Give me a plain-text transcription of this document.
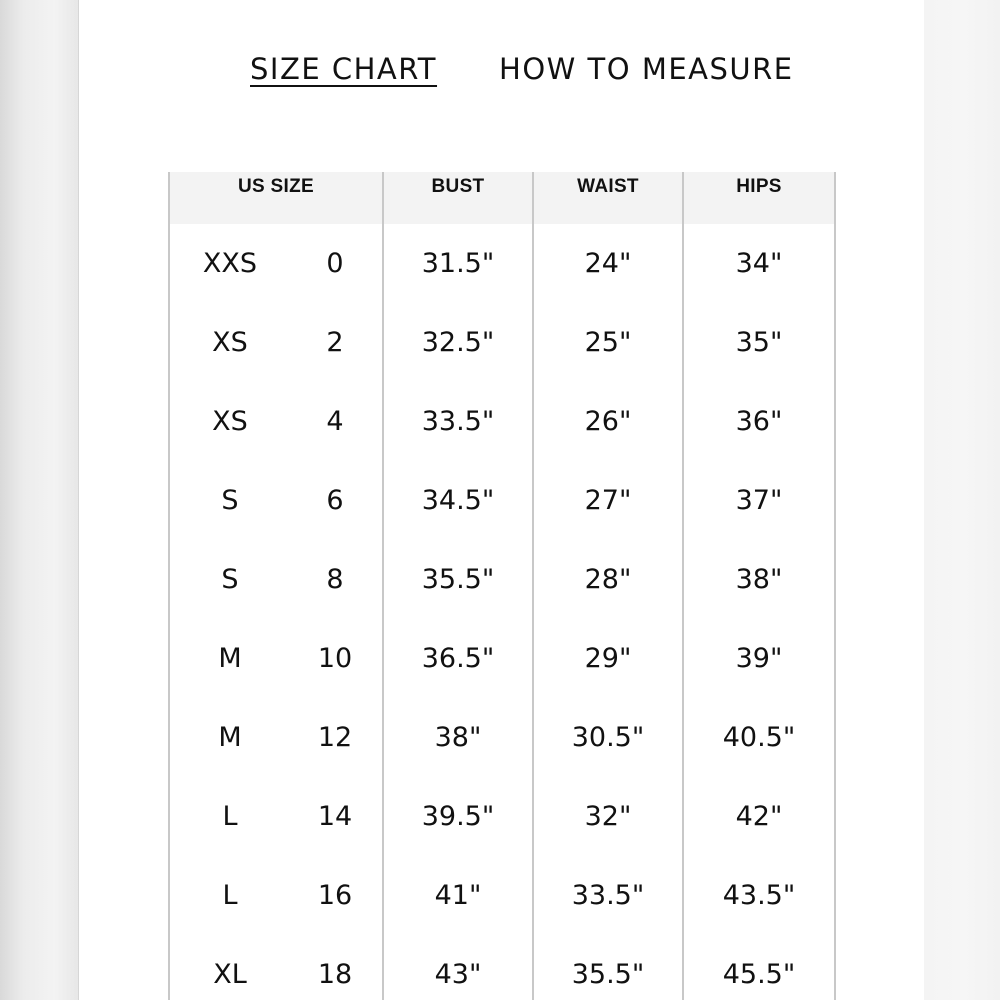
SIZE CHART HOW TO MEASURE
US SIZE	BUST	WAIST	HIPS

XXS 0	31.5"	24"	34"

XS 2	32.5"	25"	35"

XS 4	33.5"	26"	36"

S 6	34.5"	27"	37"

S 8	35.5"	28"	38"

M 10	36.5"	29"	39"

M 12	38"	30.5"	40.5"

L 14	39.5"	32"	42"

L 16	41"	33.5"	43.5"

XL 18	43"	35.5"	45.5"
